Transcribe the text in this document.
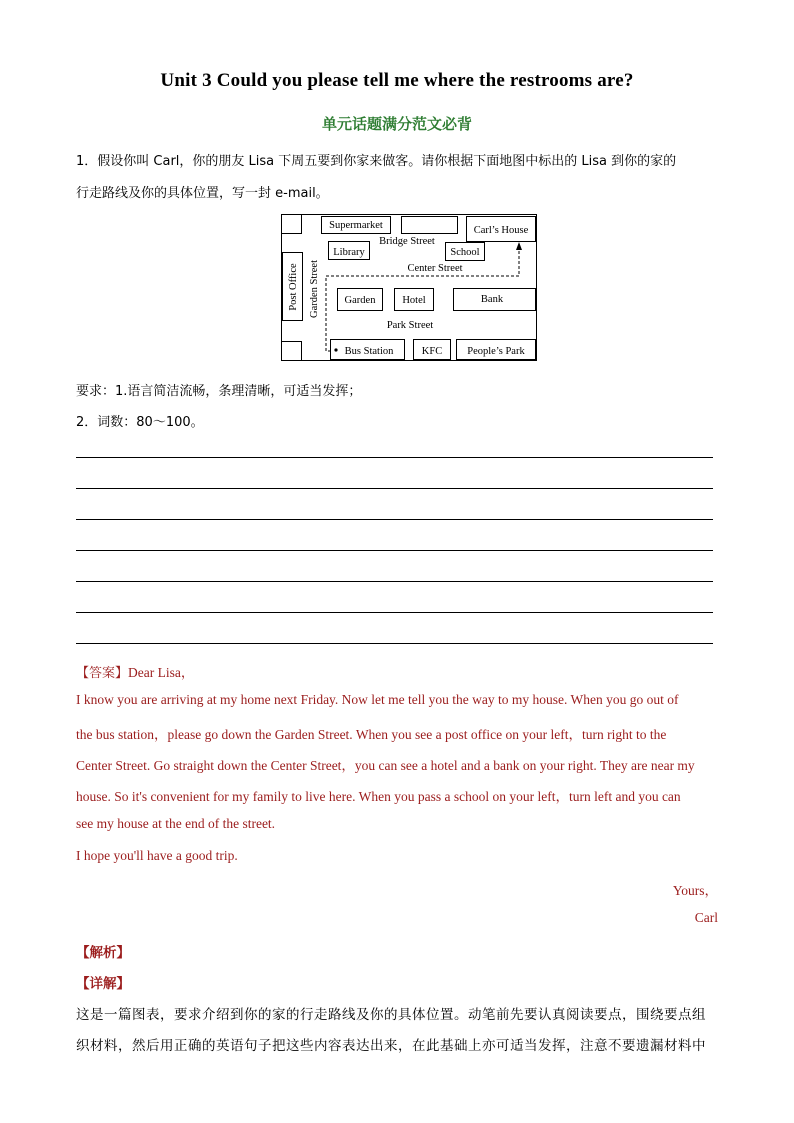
Unit 3 Could you please tell me where the restrooms are?
单元话题满分范文必背
1．假设你叫 Carl，你的朋友 Lisa 下周五要到你家来做客。请你根据下面地图中标出的 Lisa 到你的家的
行走路线及你的具体位置，写一封 e-mail。
Supermarket	Carl’s House
Bridge Street
Library	School
Center Street
Garden	Hotel	Bank
Park Street
Bus Station	KFC People’s Park
Post Office Garden Street
要求：1.语言简洁流畅，条理清晰，可适当发挥；
2．词数：80～100。
【答案】Dear Lisa，
I know you are arriving at my home next Friday. Now let me tell you the way to my house. When you go out of
the bus station，please go down the Garden Street. When you see a post office on your left，turn right to the
Center Street. Go straight down the Center Street，you can see a hotel and a bank on your right. They are near my
house. So it's convenient for my family to live here. When you pass a school on your left，turn left and you can
see my house at the end of the street.
I hope you'll have a good trip.
Yours，
Carl
【解析】
【详解】
这是一篇图表，要求介绍到你的家的行走路线及你的具体位置。动笔前先要认真阅读要点，围绕要点组
织材料，然后用正确的英语句子把这些内容表达出来，在此基础上亦可适当发挥，注意不要遗漏材料中
